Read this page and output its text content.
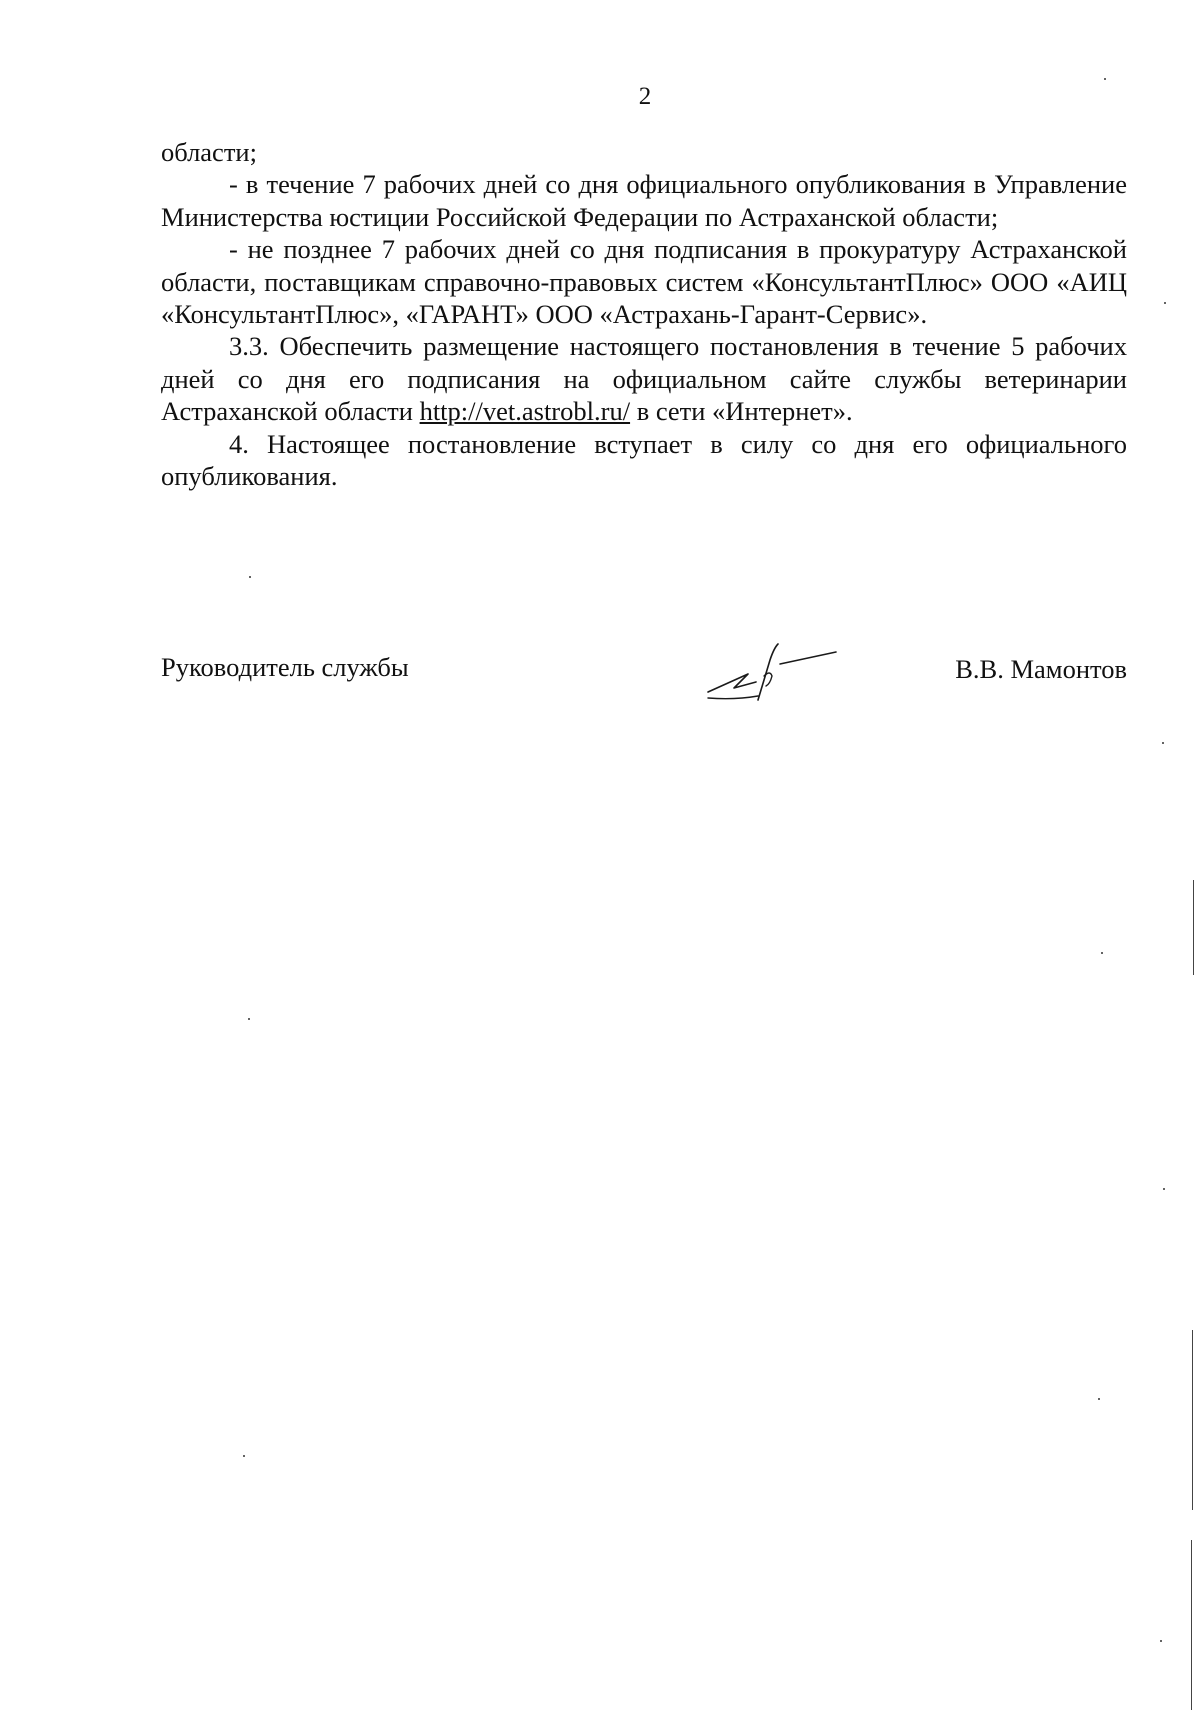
2

области;

- в течение 7 рабочих дней со дня официального опубликования в Управление Министерства юстиции Российской Федерации по Астраханской области;

- не позднее 7 рабочих дней со дня подписания в прокуратуру Астраханской области, поставщикам справочно-правовых систем «КонсультантПлюс» ООО «АИЦ «КонсультантПлюс», «ГАРАНТ» ООО «Астрахань-Гарант-Сервис».

3.3. Обеспечить размещение настоящего постановления в течение 5 рабочих дней со дня его подписания на официальном сайте службы ветеринарии Астраханской области http://vet.astrobl.ru/ в сети «Интернет».

4. Настоящее постановление вступает в силу со дня его официального опубликования.

Руководитель службы	В.В. Мамонтов
